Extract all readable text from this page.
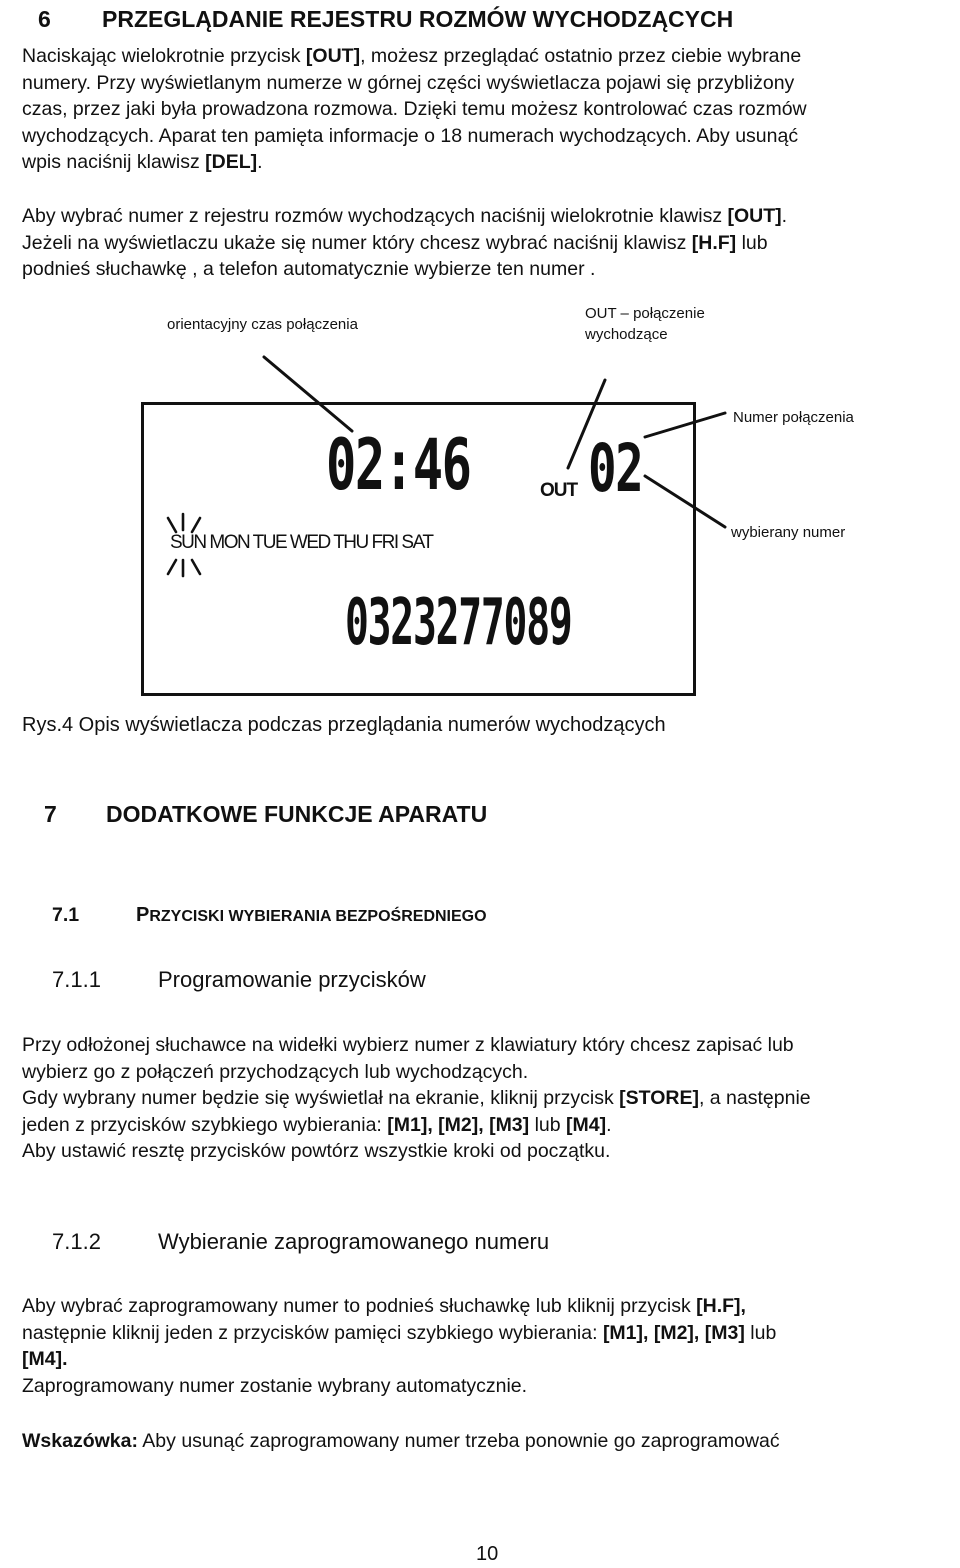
6 PRZEGLĄDANIE REJESTRU ROZMÓW WYCHODZĄCYCH
Naciskając wielokrotnie przycisk [OUT], możesz przeglądać ostatnio przez ciebie wybrane
numery. Przy wyświetlanym numerze w górnej części wyświetlacza pojawi się przybliżony
czas, przez jaki była prowadzona rozmowa. Dzięki temu możesz kontrolować czas rozmów
wychodzących. Aparat ten pamięta informacje o 18 numerach wychodzących. Aby usunąć
wpis naciśnij klawisz [DEL].
Aby wybrać numer z rejestru rozmów wychodzących naciśnij wielokrotnie klawisz [OUT].
Jeżeli na wyświetlaczu ukaże się numer który chcesz wybrać naciśnij klawisz [H.F] lub
podnieś słuchawkę , a telefon automatycznie wybierze ten numer .
orientacyjny czas połączenia
OUT – połączenie
wychodzące
Numer połączenia
wybierany numer
02:46	OUT 02
SUN MON TUE WED THU FRI SAT
0323277089
Rys.4 Opis wyświetlacza podczas przeglądania numerów wychodzących
7 DODATKOWE FUNKCJE APARATU
7.1	PRZYCISKI WYBIERANIA BEZPOŚREDNIEGO
7.1.1	Programowanie przycisków
Przy odłożonej słuchawce na widełki wybierz numer z klawiatury który chcesz zapisać lub
wybierz go z połączeń przychodzących lub wychodzących.
Gdy wybrany numer będzie się wyświetlał na ekranie, kliknij przycisk [STORE], a następnie
jeden z przycisków szybkiego wybierania: [M1], [M2], [M3] lub [M4].
Aby ustawić resztę przycisków powtórz wszystkie kroki od początku.
7.1.2	Wybieranie zaprogramowanego numeru
Aby wybrać zaprogramowany numer to podnieś słuchawkę lub kliknij przycisk [H.F],
następnie kliknij jeden z przycisków pamięci szybkiego wybierania: [M1], [M2], [M3] lub
[M4].
Zaprogramowany numer zostanie wybrany automatycznie.
Wskazówka: Aby usunąć zaprogramowany numer trzeba ponownie go zaprogramować
10
